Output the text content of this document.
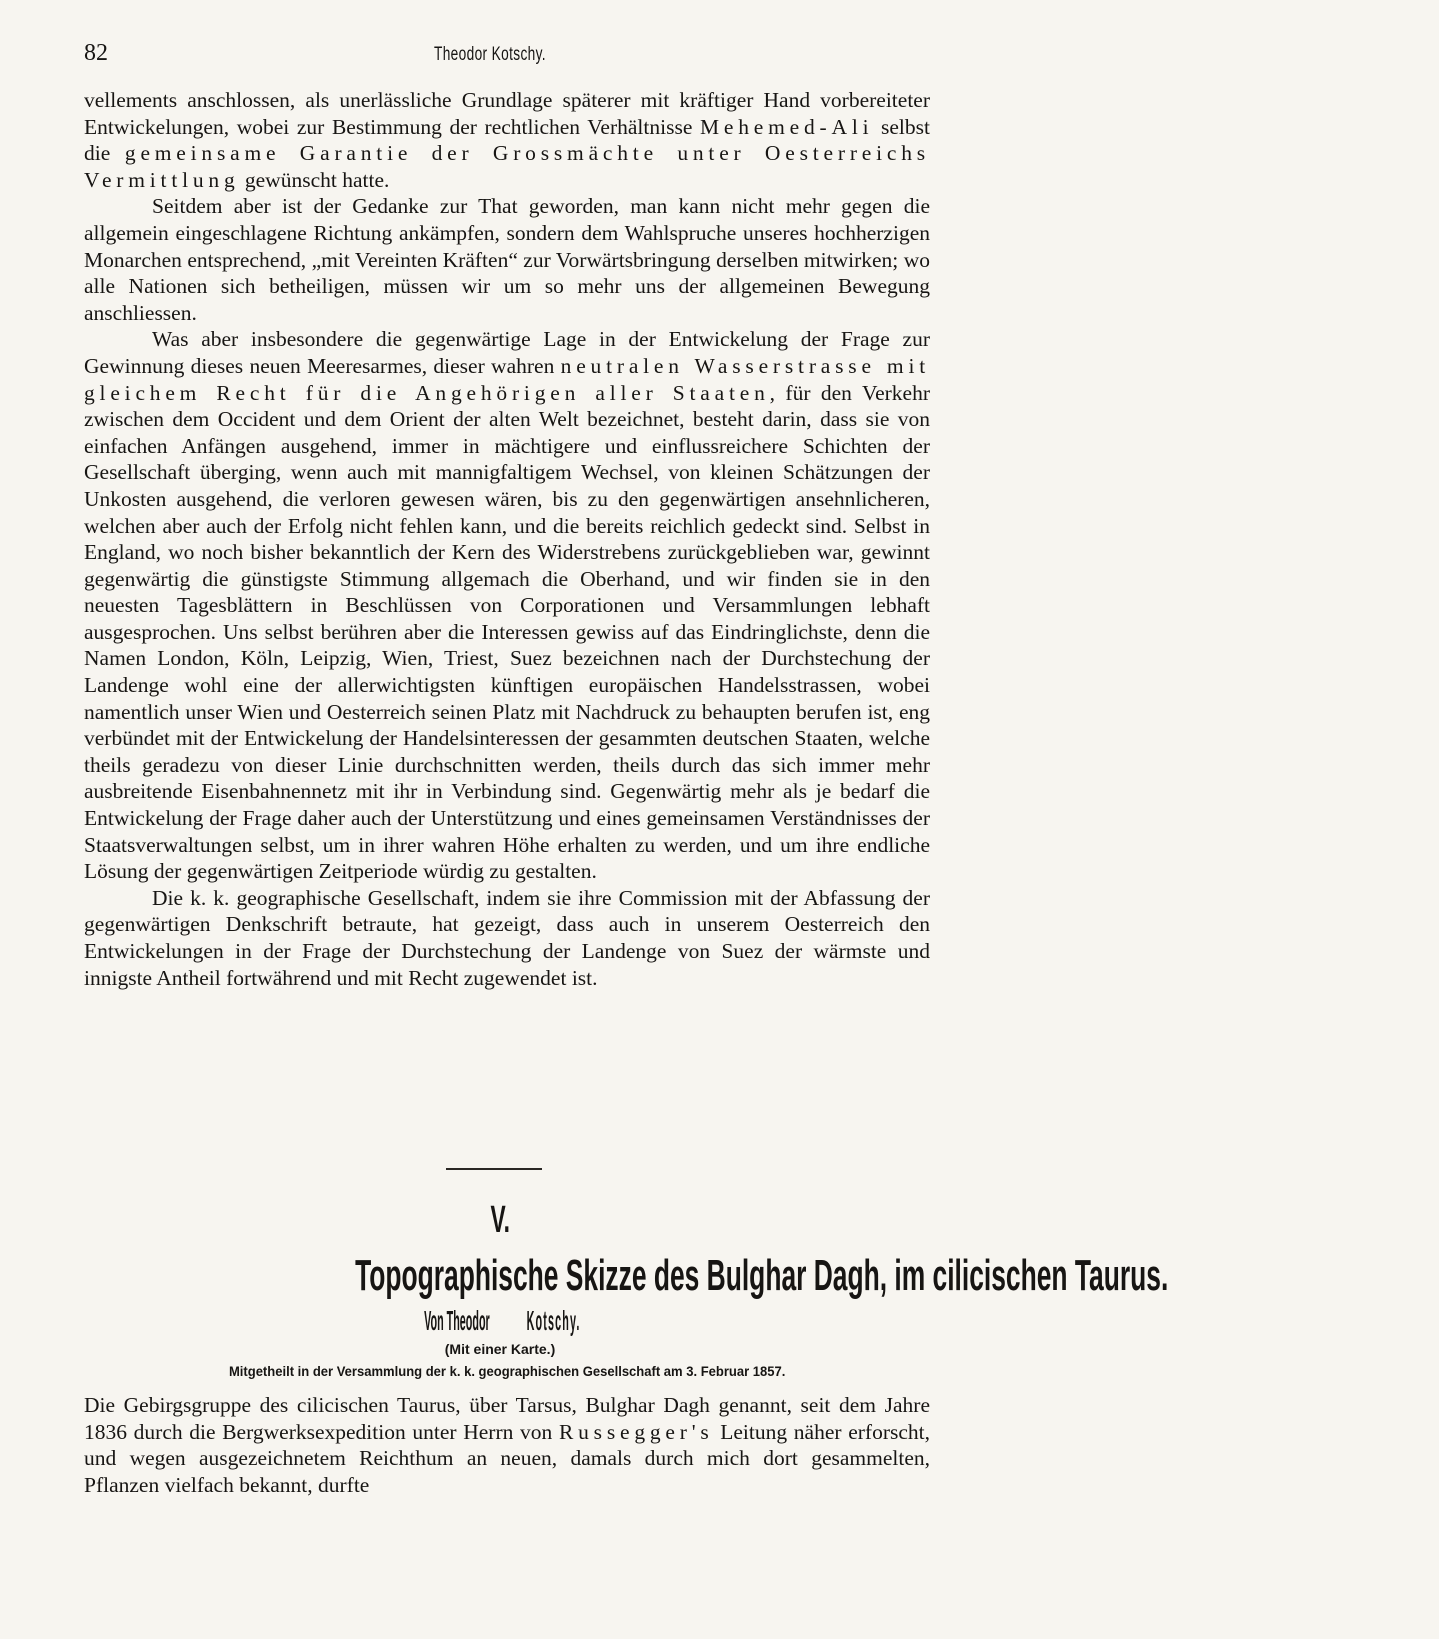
82	Theodor Kotschy.

vellements anschlossen, als unerlässliche Grundlage späterer mit kräftiger Hand vorbereiteter Entwickelungen, wobei zur Bestimmung der rechtlichen Verhältnisse Mehemed-Ali selbst die gemeinsame Garantie der Grossmächte unter Oesterreichs Vermittlung gewünscht hatte.

Seitdem aber ist der Gedanke zur That geworden, man kann nicht mehr gegen die allgemein eingeschlagene Richtung ankämpfen, sondern dem Wahlspruche unseres hochherzigen Monarchen entsprechend, „mit Vereinten Kräften“ zur Vorwärtsbringung derselben mitwirken; wo alle Nationen sich betheiligen, müssen wir um so mehr uns der allgemeinen Bewegung anschliessen.

Was aber insbesondere die gegenwärtige Lage in der Entwickelung der Frage zur Gewinnung dieses neuen Meeresarmes, dieser wahren neutralen Wasserstrasse mit gleichem Recht für die Angehörigen aller Staaten, für den Verkehr zwischen dem Occident und dem Orient der alten Welt bezeichnet, besteht darin, dass sie von einfachen Anfängen ausgehend, immer in mächtigere und einflussreichere Schichten der Gesellschaft überging, wenn auch mit mannigfaltigem Wechsel, von kleinen Schätzungen der Unkosten ausgehend, die verloren gewesen wären, bis zu den gegenwärtigen ansehnlicheren, welchen aber auch der Erfolg nicht fehlen kann, und die bereits reichlich gedeckt sind. Selbst in England, wo noch bisher bekanntlich der Kern des Widerstrebens zurückgeblieben war, gewinnt gegenwärtig die günstigste Stimmung allgemach die Oberhand, und wir finden sie in den neuesten Tagesblättern in Beschlüssen von Corporationen und Versammlungen lebhaft ausgesprochen. Uns selbst berühren aber die Interessen gewiss auf das Eindringlichste, denn die Namen London, Köln, Leipzig, Wien, Triest, Suez bezeichnen nach der Durchstechung der Landenge wohl eine der allerwichtigsten künftigen europäischen Handelsstrassen, wobei namentlich unser Wien und Oesterreich seinen Platz mit Nachdruck zu behaupten berufen ist, eng verbündet mit der Entwickelung der Handelsinteressen der gesammten deutschen Staaten, welche theils geradezu von dieser Linie durchschnitten werden, theils durch das sich immer mehr ausbreitende Eisenbahnennetz mit ihr in Verbindung sind. Gegenwärtig mehr als je bedarf die Entwickelung der Frage daher auch der Unterstützung und eines gemeinsamen Verständnisses der Staatsverwaltungen selbst, um in ihrer wahren Höhe erhalten zu werden, und um ihre endliche Lösung der gegenwärtigen Zeitperiode würdig zu gestalten.

Die k. k. geographische Gesellschaft, indem sie ihre Commission mit der Abfassung der gegenwärtigen Denkschrift betraute, hat gezeigt, dass auch in unserem Oesterreich den Entwickelungen in der Frage der Durchstechung der Landenge von Suez der wärmste und innigste Antheil fortwährend und mit Recht zugewendet ist.

V.
Topographische Skizze des Bulghar Dagh, im cilicischen Taurus.
Von TheodorKotschy.
(Mit einer Karte.)
Mitgetheilt in der Versammlung der k. k. geographischen Gesellschaft am 3. Februar 1857.

Die Gebirgsgruppe des cilicischen Taurus, über Tarsus, Bulghar Dagh genannt, seit dem Jahre 1836 durch die Bergwerksexpedition unter Herrn von Russegger's Leitung näher erforscht, und wegen ausgezeichnetem Reichthum an neuen, damals durch mich dort gesammelten, Pflanzen vielfach bekannt, durfte
